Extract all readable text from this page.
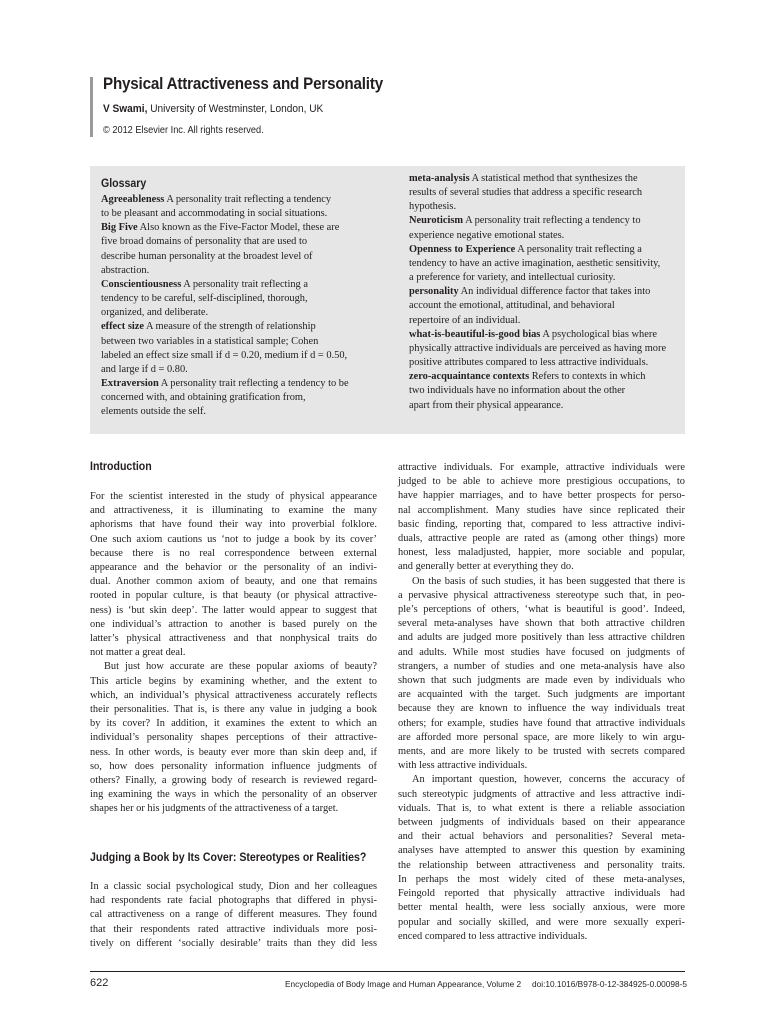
Physical Attractiveness and Personality
V Swami, University of Westminster, London, UK
© 2012 Elsevier Inc. All rights reserved.
Glossary
Agreeableness A personality trait reflecting a tendency
to be pleasant and accommodating in social situations.
Big Five Also known as the Five-Factor Model, these are
five broad domains of personality that are used to
describe human personality at the broadest level of
abstraction.
Conscientiousness A personality trait reflecting a
tendency to be careful, self-disciplined, thorough,
organized, and deliberate.
effect size A measure of the strength of relationship
between two variables in a statistical sample; Cohen
labeled an effect size small if d = 0.20, medium if d = 0.50,
and large if d = 0.80.
Extraversion A personality trait reflecting a tendency to be
concerned with, and obtaining gratification from,
elements outside the self.
meta-analysis A statistical method that synthesizes the
results of several studies that address a specific research
hypothesis.
Neuroticism A personality trait reflecting a tendency to
experience negative emotional states.
Openness to Experience A personality trait reflecting a
tendency to have an active imagination, aesthetic sensitivity,
a preference for variety, and intellectual curiosity.
personality An individual difference factor that takes into
account the emotional, attitudinal, and behavioral
repertoire of an individual.
what-is-beautiful-is-good bias A psychological bias where
physically attractive individuals are perceived as having more
positive attributes compared to less attractive individuals.
zero-acquaintance contexts Refers to contexts in which
two individuals have no information about the other
apart from their physical appearance.
Introduction
For the scientist interested in the study of physical appearance
and attractiveness, it is illuminating to examine the many
aphorisms that have found their way into proverbial folklore.
One such axiom cautions us ‘not to judge a book by its cover’
because there is no real correspondence between external
appearance and the behavior or the personality of an indivi-
dual. Another common axiom of beauty, and one that remains
rooted in popular culture, is that beauty (or physical attractive-
ness) is ‘but skin deep’. The latter would appear to suggest that
one individual’s attraction to another is based purely on the
latter’s physical attractiveness and that nonphysical traits do
not matter a great deal.
But just how accurate are these popular axioms of beauty?
This article begins by examining whether, and the extent to
which, an individual’s physical attractiveness accurately reflects
their personalities. That is, is there any value in judging a book
by its cover? In addition, it examines the extent to which an
individual’s personality shapes perceptions of their attractive-
ness. In other words, is beauty ever more than skin deep and, if
so, how does personality information influence judgments of
others? Finally, a growing body of research is reviewed regard-
ing examining the ways in which the personality of an observer
shapes her or his judgments of the attractiveness of a target.
Judging a Book by Its Cover: Stereotypes or Realities?
In a classic social psychological study, Dion and her colleagues
had respondents rate facial photographs that differed in physi-
cal attractiveness on a range of different measures. They found
that their respondents rated attractive individuals more posi-
tively on different ‘socially desirable’ traits than they did less
attractive individuals. For example, attractive individuals were
judged to be able to achieve more prestigious occupations, to
have happier marriages, and to have better prospects for perso-
nal accomplishment. Many studies have since replicated their
basic finding, reporting that, compared to less attractive indivi-
duals, attractive people are rated as (among other things) more
honest, less maladjusted, happier, more sociable and popular,
and generally better at everything they do.
On the basis of such studies, it has been suggested that there is
a pervasive physical attractiveness stereotype such that, in peo-
ple’s perceptions of others, ‘what is beautiful is good’. Indeed,
several meta-analyses have shown that both attractive children
and adults are judged more positively than less attractive children
and adults. While most studies have focused on judgments of
strangers, a number of studies and one meta-analysis have also
shown that such judgments are made even by individuals who
are acquainted with the target. Such judgments are important
because they are known to influence the way individuals treat
others; for example, studies have found that attractive individuals
are afforded more personal space, are more likely to win argu-
ments, and are more likely to be trusted with secrets compared
with less attractive individuals.
An important question, however, concerns the accuracy of
such stereotypic judgments of attractive and less attractive indi-
viduals. That is, to what extent is there a reliable association
between judgments of individuals based on their appearance
and their actual behaviors and personalities? Several meta-
analyses have attempted to answer this question by examining
the relationship between attractiveness and personality traits.
In perhaps the most widely cited of these meta-analyses,
Feingold reported that physically attractive individuals had
better mental health, were less socially anxious, were more
popular and socially skilled, and were more sexually experi-
enced compared to less attractive individuals.
622	Encyclopedia of Body Image and Human Appearance, Volume 2 doi:10.1016/B978-0-12-384925-0.00098-5
